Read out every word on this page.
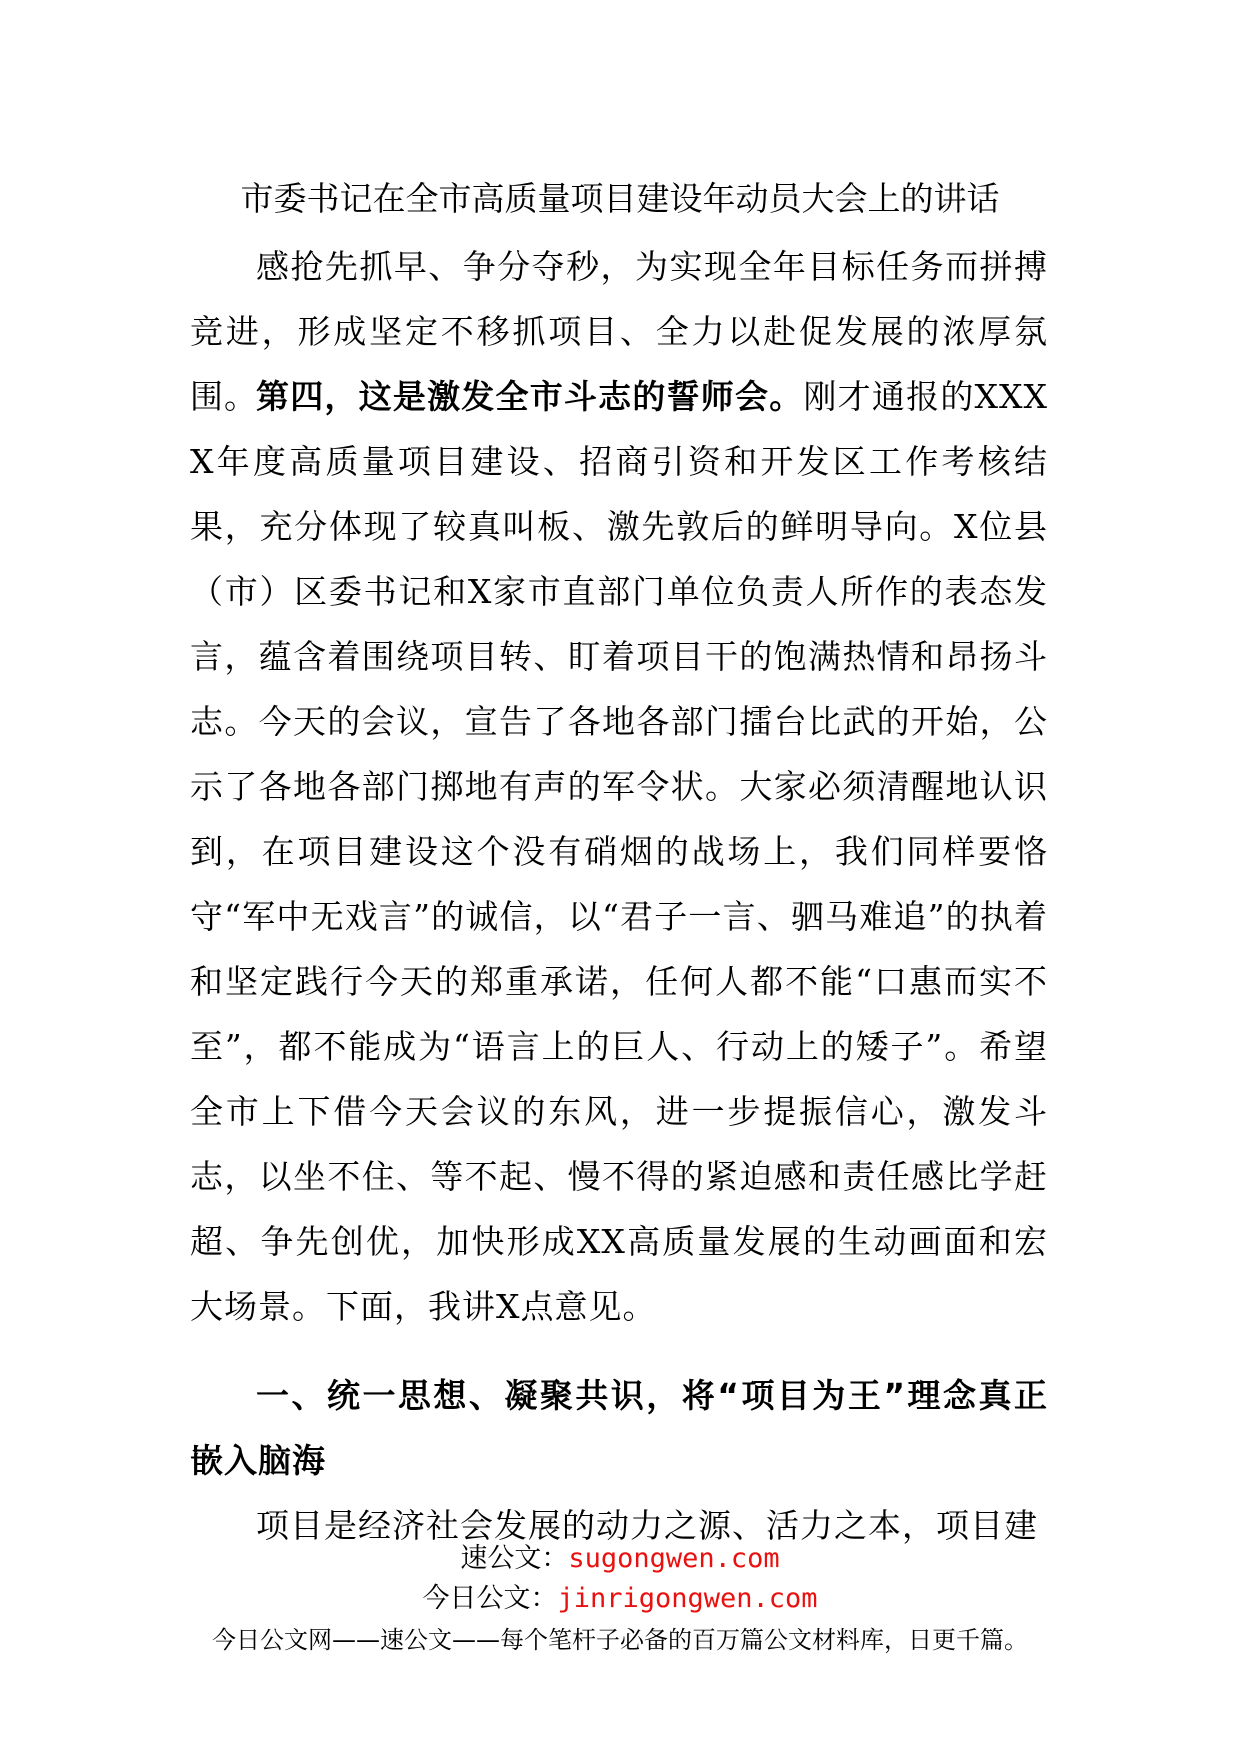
市委书记在全市高质量项目建设年动员大会上的讲话
感抢先抓早、争分夺秒，为实现全年目标任务而拼搏竞进，形成坚定不移抓项目、全力以赴促发展的浓厚氛围。
第四，这是激发全市斗志的誓师会。刚才通报的XXXX年度高质量项目建设、招商引资和开发区工作考核结果，充分体现了较真叫板、激先敦后的鲜明导向。X位县（市）区委书记和X家市直部门单位负责人所作的表态发言，蕴含着围绕项目转、盯着项目干的饱满热情和昂扬斗志。今天的会议，宣告了各地各部门擂台比武的开始，公示了各地各部门掷地有声的军令状。大家必须清醒地认识到，在项目建设这个没有硝烟的战场上，我们同样要恪守“军中无戏言”的诚信，以“君子一言、驷马难追”的执着和坚定践行今天的郑重承诺，任何人都不能“口惠而实不至”，都不能成为“语言上的巨人、行动上的矮子”。希望全市上下借今天会议的东风，进一步提振信心，激发斗志，以坐不住、等不起、慢不得的紧迫感和责任感比学赶超、争先创优，加快形成XX高质量发展的生动画面和宏大场景。下面，我讲X点意见。
一、统一思想、凝聚共识，将“项目为王”理念真正嵌入脑海
项目是经济社会发展的动力之源、活力之本，项目建
速公文：sugongwen.com
今日公文：jinrigongwen.com
今日公文网——速公文——每个笔杆子必备的百万篇公文材料库，日更千篇。
